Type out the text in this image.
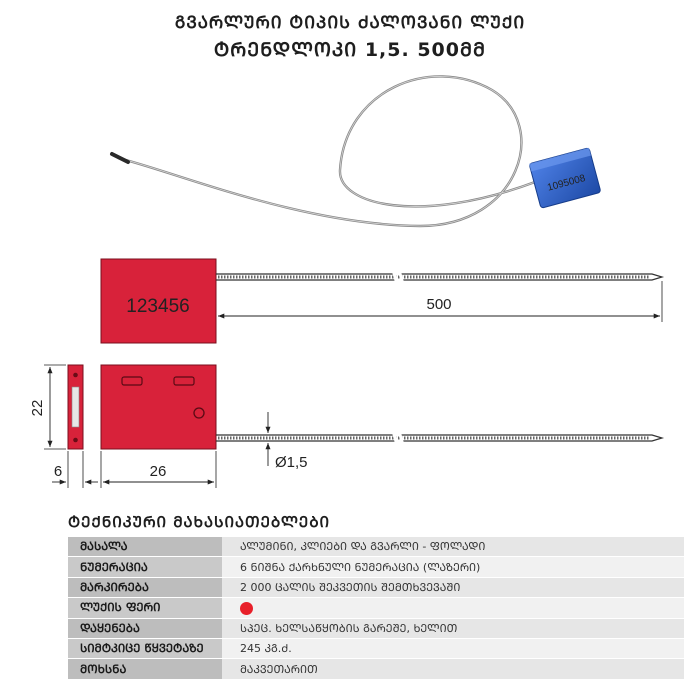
ᲒᲕᲐᲠᲚᲣᲠᲘ ᲢᲘᲞᲘᲡ ᲫᲐᲚᲝᲕᲐᲜᲘ ᲚᲣᲥᲘ
ᲢᲠᲔᲜᲓᲚᲝᲙᲘ 1,5. 500ᲛᲛ
1095008
123456	500
22
6
Ø1,5
26
ᲢᲔᲥᲜᲘᲙᲣᲠᲘ ᲛᲐᲮᲐᲡᲘᲐᲗᲔᲑᲚᲔᲑᲘ
ᲛᲐᲡᲐᲚᲐ	ᲐᲚᲣᲛᲘᲜᲘ, ᲙᲚᲘᲔᲑᲘ ᲓᲐ ᲒᲕᲐᲠᲚᲘ - ᲤᲝᲚᲐᲓᲘ
ᲜᲣᲛᲔᲠᲐᲪᲘᲐ	6 ᲜᲘᲨᲜᲐ ᲥᲐᲠᲮᲜᲣᲚᲘ ᲜᲣᲛᲔᲠᲐᲪᲘᲐ (ᲚᲐᲖᲔᲠᲘ)
ᲛᲐᲠᲙᲘᲠᲔᲑᲐ	2 000 ᲪᲐᲚᲘᲡ ᲨᲔᲙᲕᲔᲗᲘᲡ ᲨᲔᲛᲗᲮᲕᲔᲕᲐᲨᲘ
ᲚᲣᲥᲘᲡ ᲤᲔᲠᲘ	
ᲓᲐᲧᲔᲜᲔᲑᲐ	ᲡᲞᲔᲪ. ᲮᲔᲚᲡᲐᲬᲧᲝᲑᲘᲡ ᲒᲐᲠᲔᲨᲔ, ᲮᲔᲚᲘᲗ
ᲡᲘᲛᲢᲙᲘᲪᲔ ᲬᲧᲕᲔᲢᲐᲖᲔ	245 ᲙᲒ.Ძ.
ᲛᲝᲮᲡᲜᲐ	ᲛᲐᲙᲕᲔᲗᲐᲠᲘᲗ
